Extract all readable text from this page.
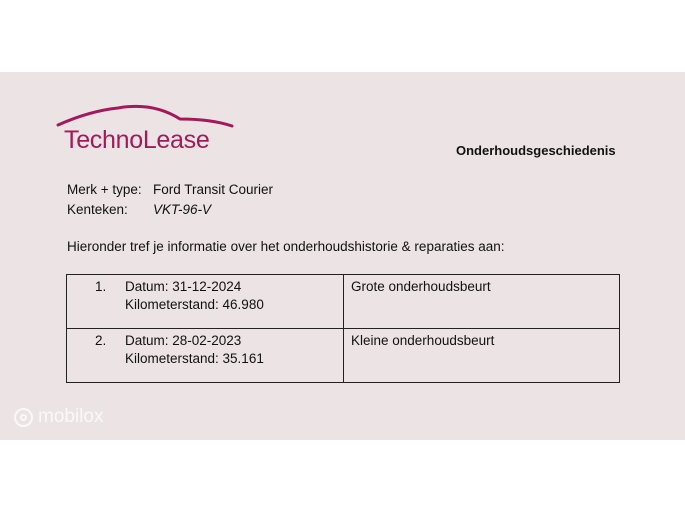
TechnoLease	Onderhoudsgeschiedenis
Merk + type: Ford Transit Courier
Kenteken:	VKT-96-V
Hieronder tref je informatie over het onderhoudshistorie & reparaties aan:
1. Datum: 31-12-2024
Kilometerstand: 46.980	Grote onderhoudsbeurt

2. Datum: 28-02-2023
Kilometerstand: 35.161	Kleine onderhoudsbeurt
mobilox
